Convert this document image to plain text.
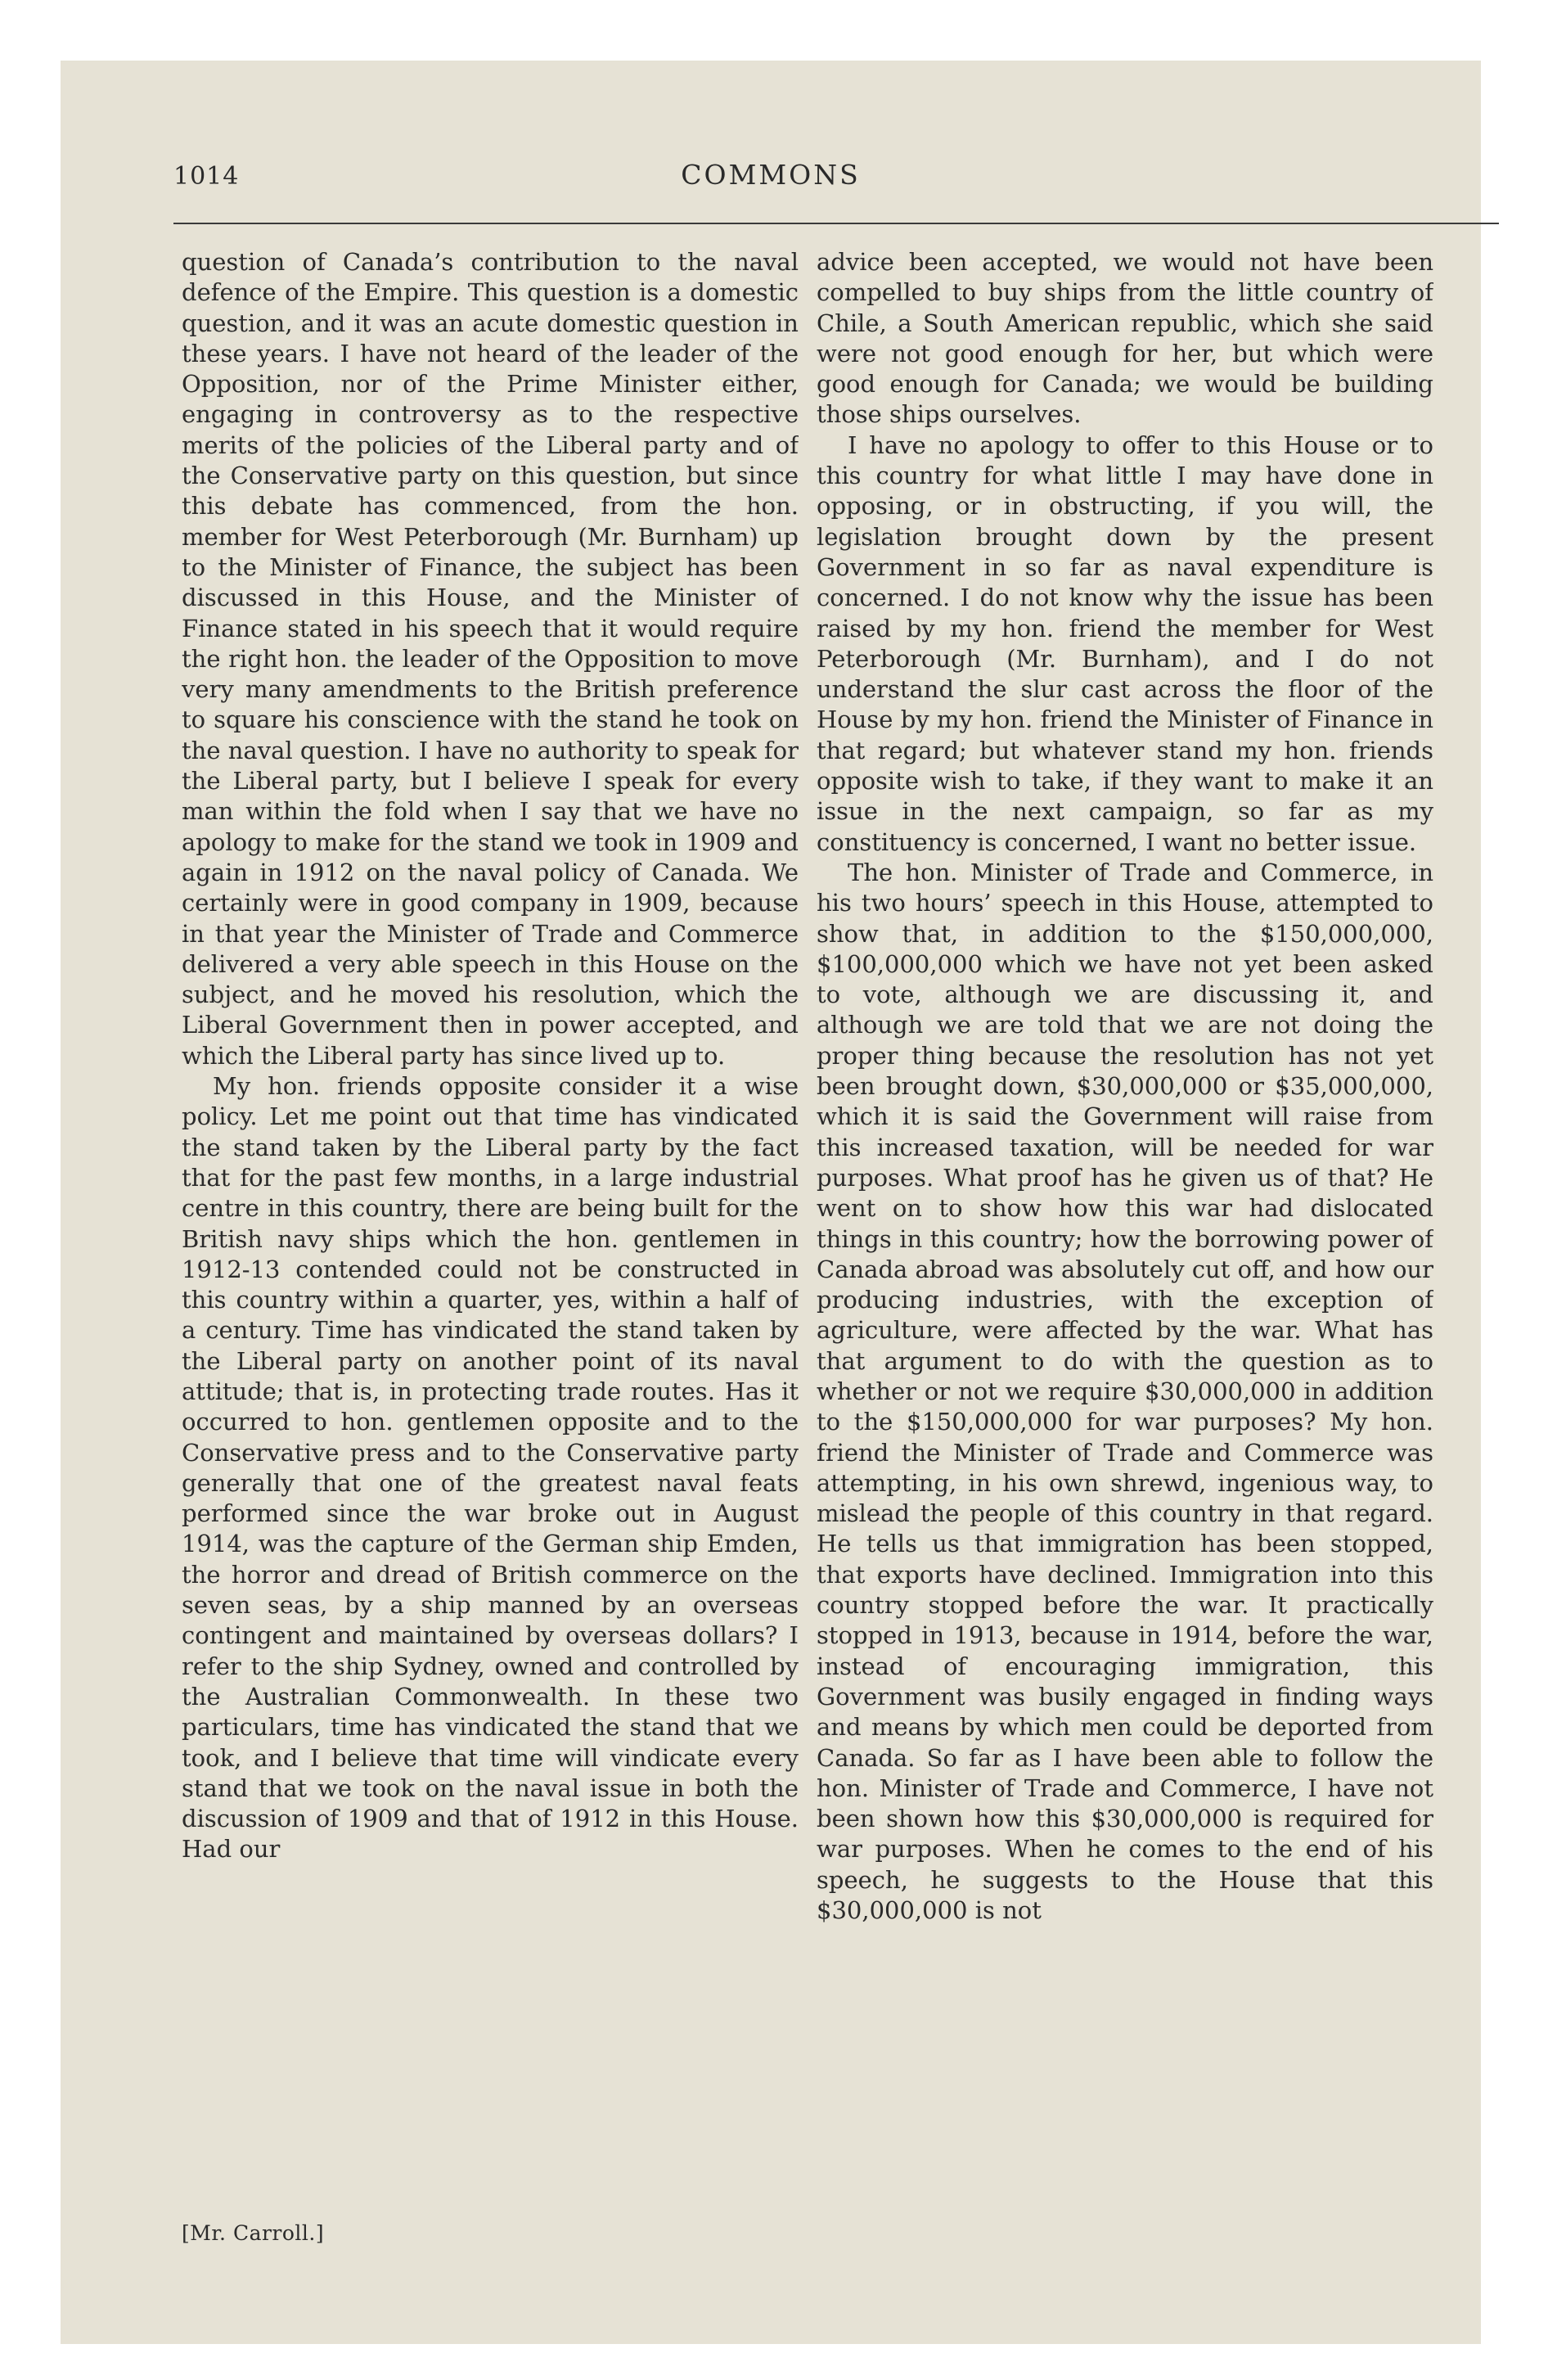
1014	COMMONS

question of Canada’s contribution to the naval defence of the Empire. This question is a domestic question, and it was an acute domestic question in these years. I have not heard of the leader of the Opposition, nor of the Prime Minister either, engaging in controversy as to the respective merits of the policies of the Liberal party and of the Conservative party on this question, but since this debate has commenced, from the hon. member for West Peterborough (Mr. Burnham) up to the Minister of Finance, the subject has been discussed in this House, and the Minister of Finance stated in his speech that it would require the right hon. the leader of the Opposition to move very many amendments to the British preference to square his conscience with the stand he took on the naval question. I have no authority to speak for the Liberal party, but I believe I speak for every man within the fold when I say that we have no apology to make for the stand we took in 1909 and again in 1912 on the naval policy of Canada. We certainly were in good company in 1909, because in that year the Minister of Trade and Commerce delivered a very able speech in this House on the subject, and he moved his resolution, which the Liberal Government then in power accepted, and which the Liberal party has since lived up to.

My hon. friends opposite consider it a wise policy. Let me point out that time has vindicated the stand taken by the Liberal party by the fact that for the past few months, in a large industrial centre in this country, there are being built for the British navy ships which the hon. gentlemen in 1912-13 contended could not be constructed in this country within a quarter, yes, within a half of a century. Time has vindicated the stand taken by the Liberal party on another point of its naval attitude; that is, in protecting trade routes. Has it occurred to hon. gentlemen opposite and to the Conservative press and to the Conservative party generally that one of the greatest naval feats performed since the war broke out in August 1914, was the capture of the German ship Emden, the horror and dread of British commerce on the seven seas, by a ship manned by an overseas contingent and maintained by overseas dollars? I refer to the ship Sydney, owned and controlled by the Australian Commonwealth. In these two particulars, time has vindicated the stand that we took, and I believe that time will vindicate every stand that we took on the naval issue in both the discussion of 1909 and that of 1912 in this House. Had our

advice been accepted, we would not have been compelled to buy ships from the little country of Chile, a South American republic, which she said were not good enough for her, but which were good enough for Canada; we would be building those ships ourselves.

I have no apology to offer to this House or to this country for what little I may have done in opposing, or in obstructing, if you will, the legislation brought down by the present Government in so far as naval expenditure is concerned. I do not know why the issue has been raised by my hon. friend the member for West Peterborough (Mr. Burnham), and I do not understand the slur cast across the floor of the House by my hon. friend the Minister of Finance in that regard; but whatever stand my hon. friends opposite wish to take, if they want to make it an issue in the next campaign, so far as my constituency is concerned, I want no better issue.

The hon. Minister of Trade and Commerce, in his two hours’ speech in this House, attempted to show that, in addition to the $150,000,000, $100,000,000 which we have not yet been asked to vote, although we are discussing it, and although we are told that we are not doing the proper thing because the resolution has not yet been brought down, $30,000,000 or $35,000,000, which it is said the Government will raise from this increased taxation, will be needed for war purposes. What proof has he given us of that? He went on to show how this war had dislocated things in this country; how the borrowing power of Canada abroad was absolutely cut off, and how our producing industries, with the exception of agriculture, were affected by the war. What has that argument to do with the question as to whether or not we require $30,000,000 in addition to the $150,000,000 for war purposes? My hon. friend the Minister of Trade and Commerce was attempting, in his own shrewd, ingenious way, to mislead the people of this country in that regard. He tells us that immigration has been stopped, that exports have declined. Immigration into this country stopped before the war. It practically stopped in 1913, because in 1914, before the war, instead of encouraging immigration, this Government was busily engaged in finding ways and means by which men could be deported from Canada. So far as I have been able to follow the hon. Minister of Trade and Commerce, I have not been shown how this $30,000,000 is required for war purposes. When he comes to the end of his speech, he suggests to the House that this $30,000,000 is not

[Mr. Carroll.]
